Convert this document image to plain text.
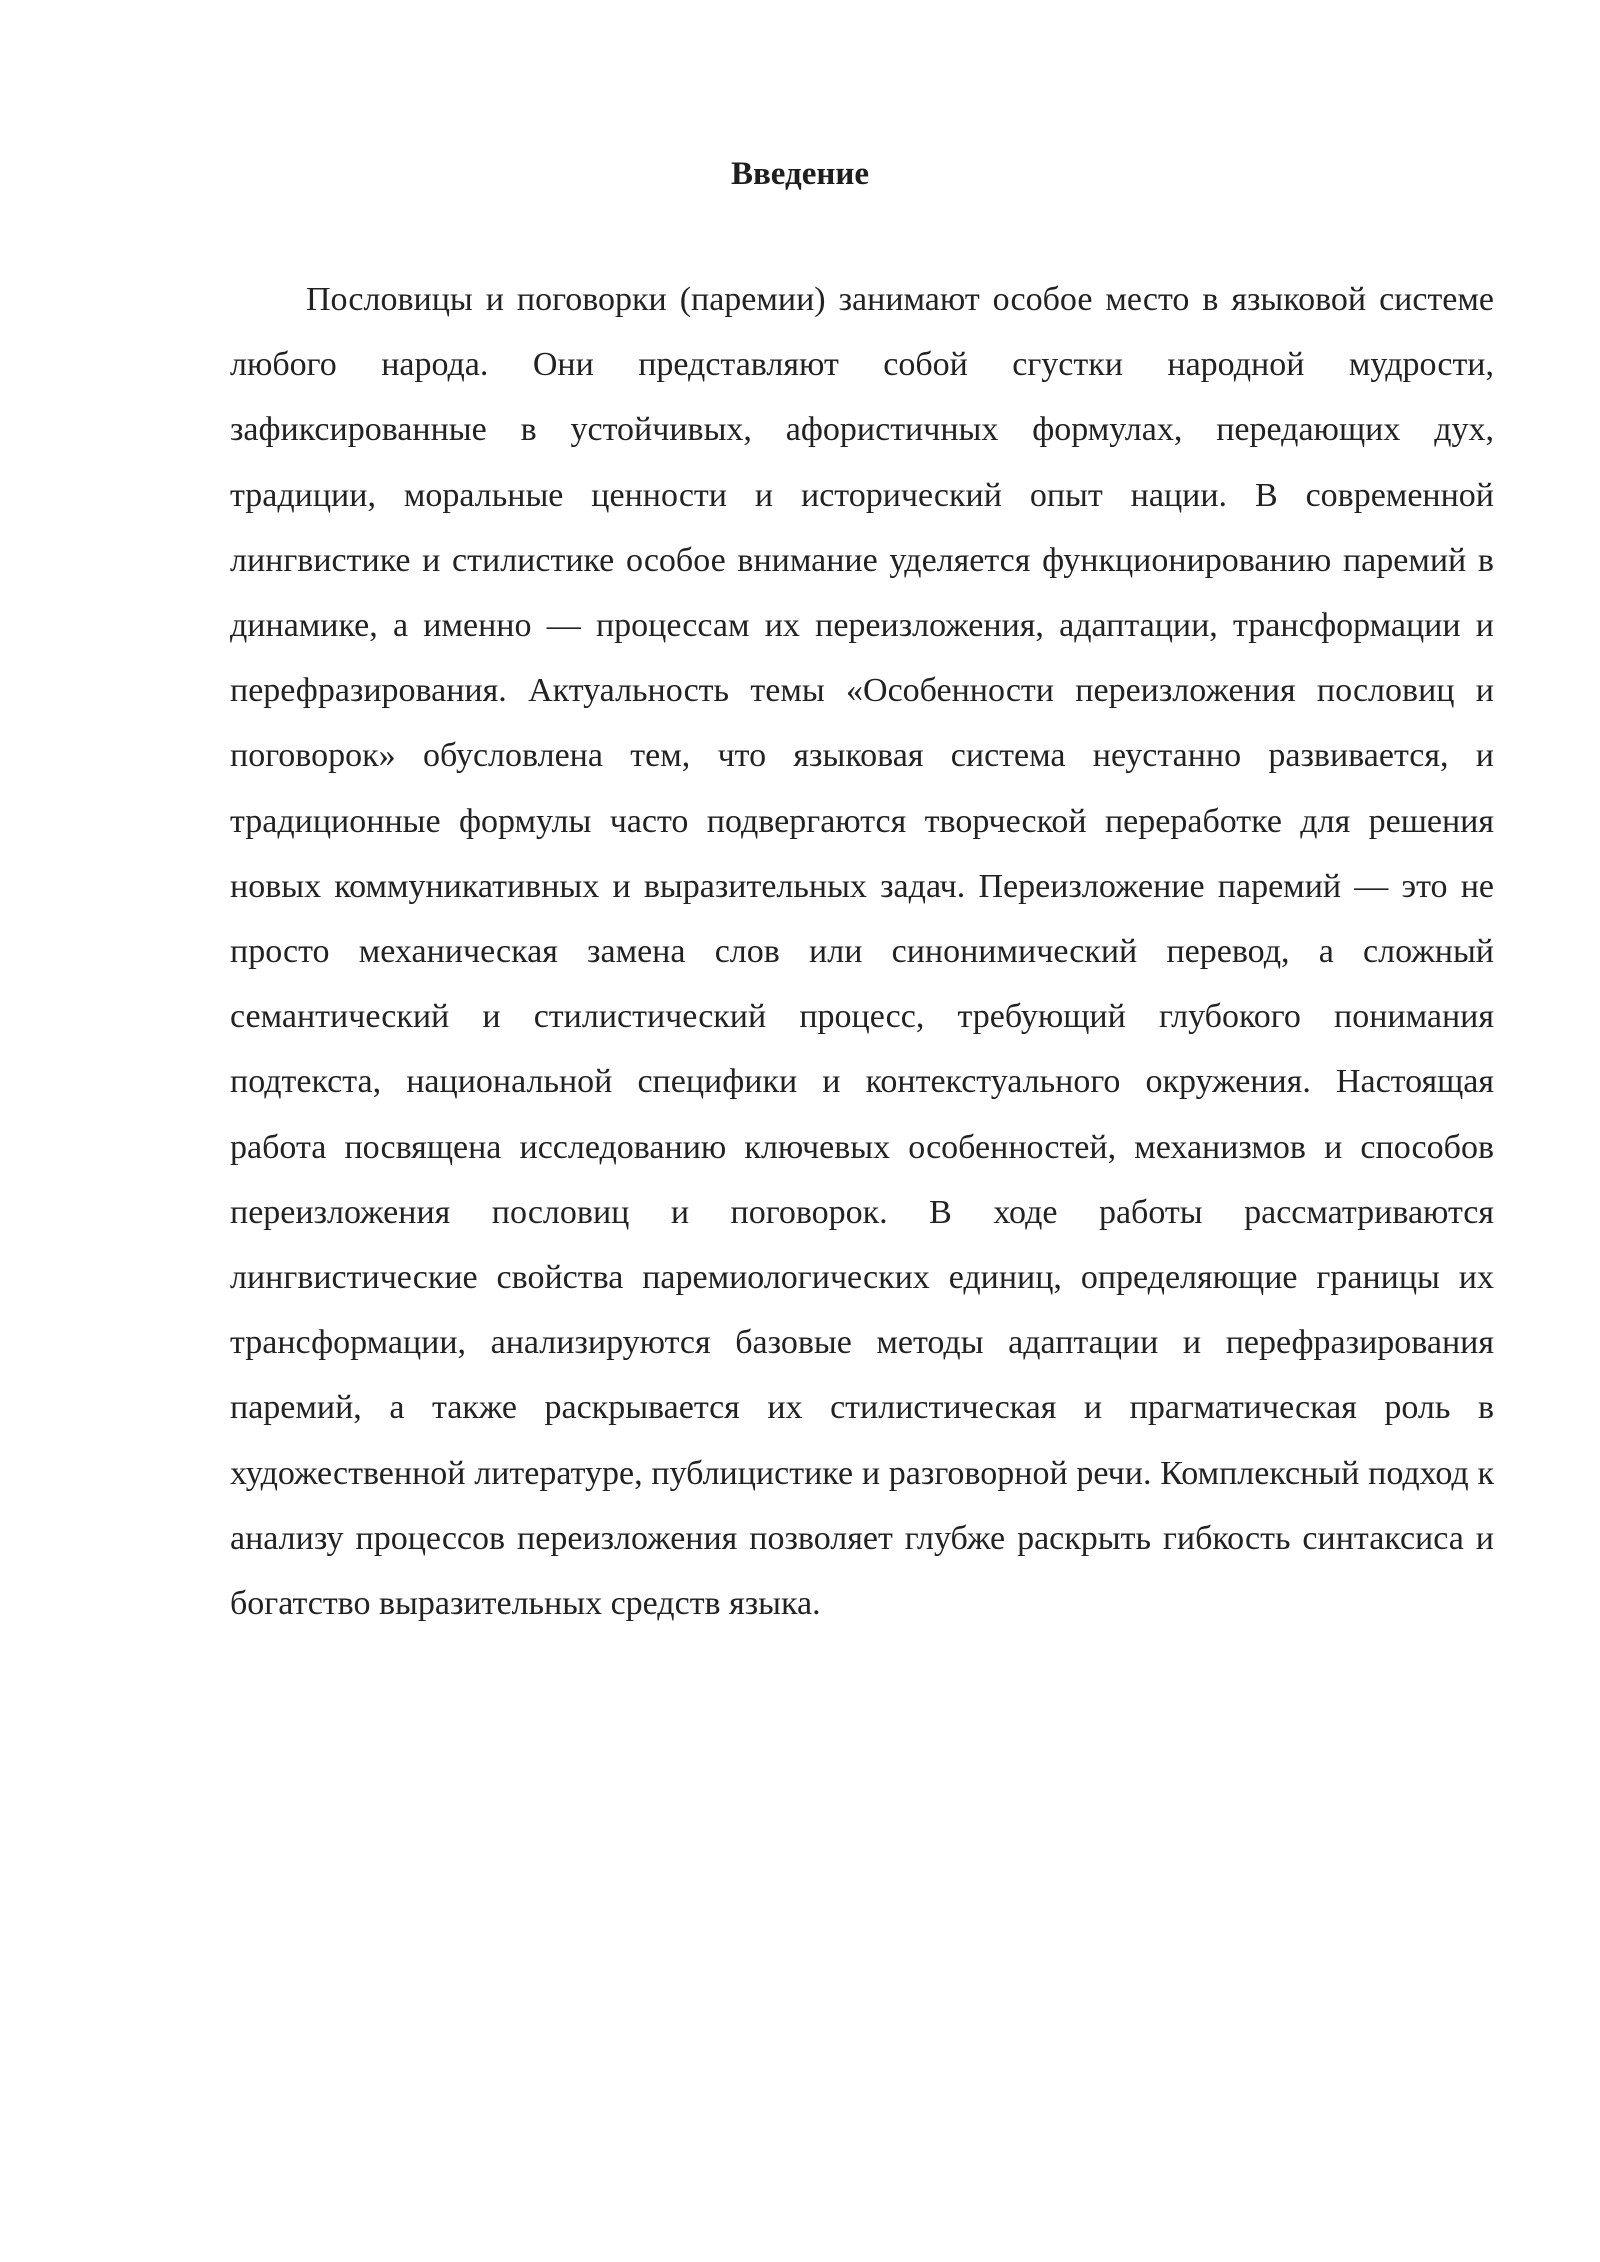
Введение

Пословицы и поговорки (паремии) занимают особое место в языковой системе любого народа. Они представляют собой сгустки народной мудрости, зафиксированные в устойчивых, афористичных формулах, передающих дух, традиции, моральные ценности и исторический опыт нации. В современной лингвистике и стилистике особое внимание уделяется функционированию паремий в динамике, а именно — процессам их переизложения, адаптации, трансформации и перефразирования. Актуальность темы «Особенности переизложения пословиц и поговорок» обусловлена тем, что языковая система неустанно развивается, и традиционные формулы часто подвергаются творческой переработке для решения новых коммуникативных и выразительных задач. Переизложение паремий — это не просто механическая замена слов или синонимический перевод, а сложный семантический и стилистический процесс, требующий глубокого понимания подтекста, национальной специфики и контекстуального окружения. Настоящая работа посвящена исследованию ключевых особенностей, механизмов и способов переизложения пословиц и поговорок. В ходе работы рассматриваются лингвистические свойства паремиологических единиц, определяющие границы их трансформации, анализируются базовые методы адаптации и перефразирования паремий, а также раскрывается их стилистическая и прагматическая роль в художественной литературе, публицистике и разговорной речи. Комплексный подход к анализу процессов переизложения позволяет глубже раскрыть гибкость синтаксиса и богатство выразительных средств языка.
